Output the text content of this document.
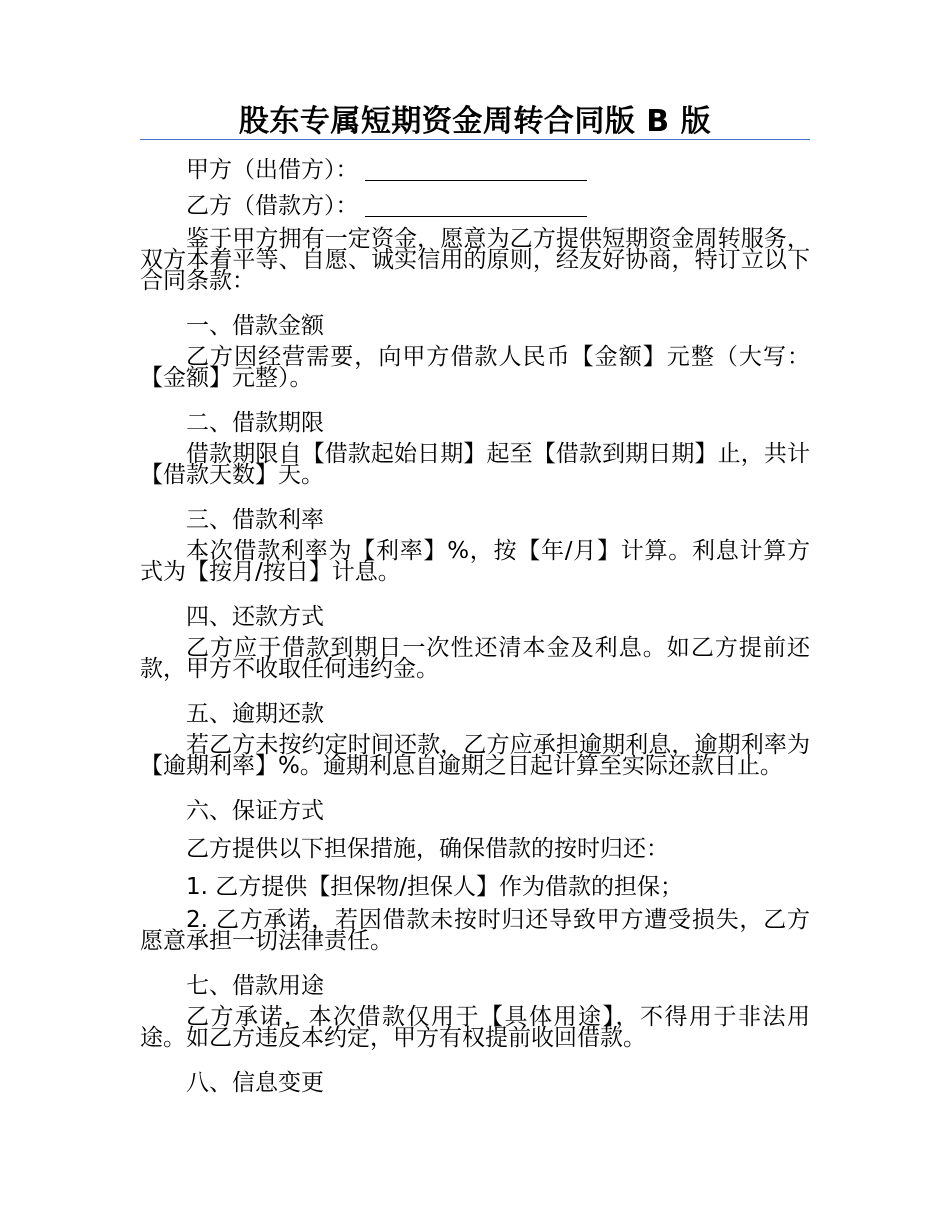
股东专属短期资金周转合同版 B 版
甲方（出借方）：
乙方（借款方）：

鉴于甲方拥有一定资金，愿意为乙方提供短期资金周转服务，双方本着平等、自愿、诚实信用的原则，经友好协商，特订立以下合同条款：

一、借款金额

乙方因经营需要，向甲方借款人民币【金额】元整（大写：【金额】元整）。

二、借款期限

借款期限自【借款起始日期】起至【借款到期日期】止，共计【借款天数】天。

三、借款利率

本次借款利率为【利率】%，按【年/月】计算。利息计算方式为【按月/按日】计息。

四、还款方式

乙方应于借款到期日一次性还清本金及利息。如乙方提前还款，甲方不收取任何违约金。

五、逾期还款

若乙方未按约定时间还款，乙方应承担逾期利息，逾期利率为【逾期利率】%。逾期利息自逾期之日起计算至实际还款日止。

六、保证方式
乙方提供以下担保措施，确保借款的按时归还：
1. 乙方提供【担保物/担保人】作为借款的担保；

2. 乙方承诺，若因借款未按时归还导致甲方遭受损失，乙方愿意承担一切法律责任。

七、借款用途

乙方承诺，本次借款仅用于【具体用途】，不得用于非法用途。如乙方违反本约定，甲方有权提前收回借款。

八、信息变更
